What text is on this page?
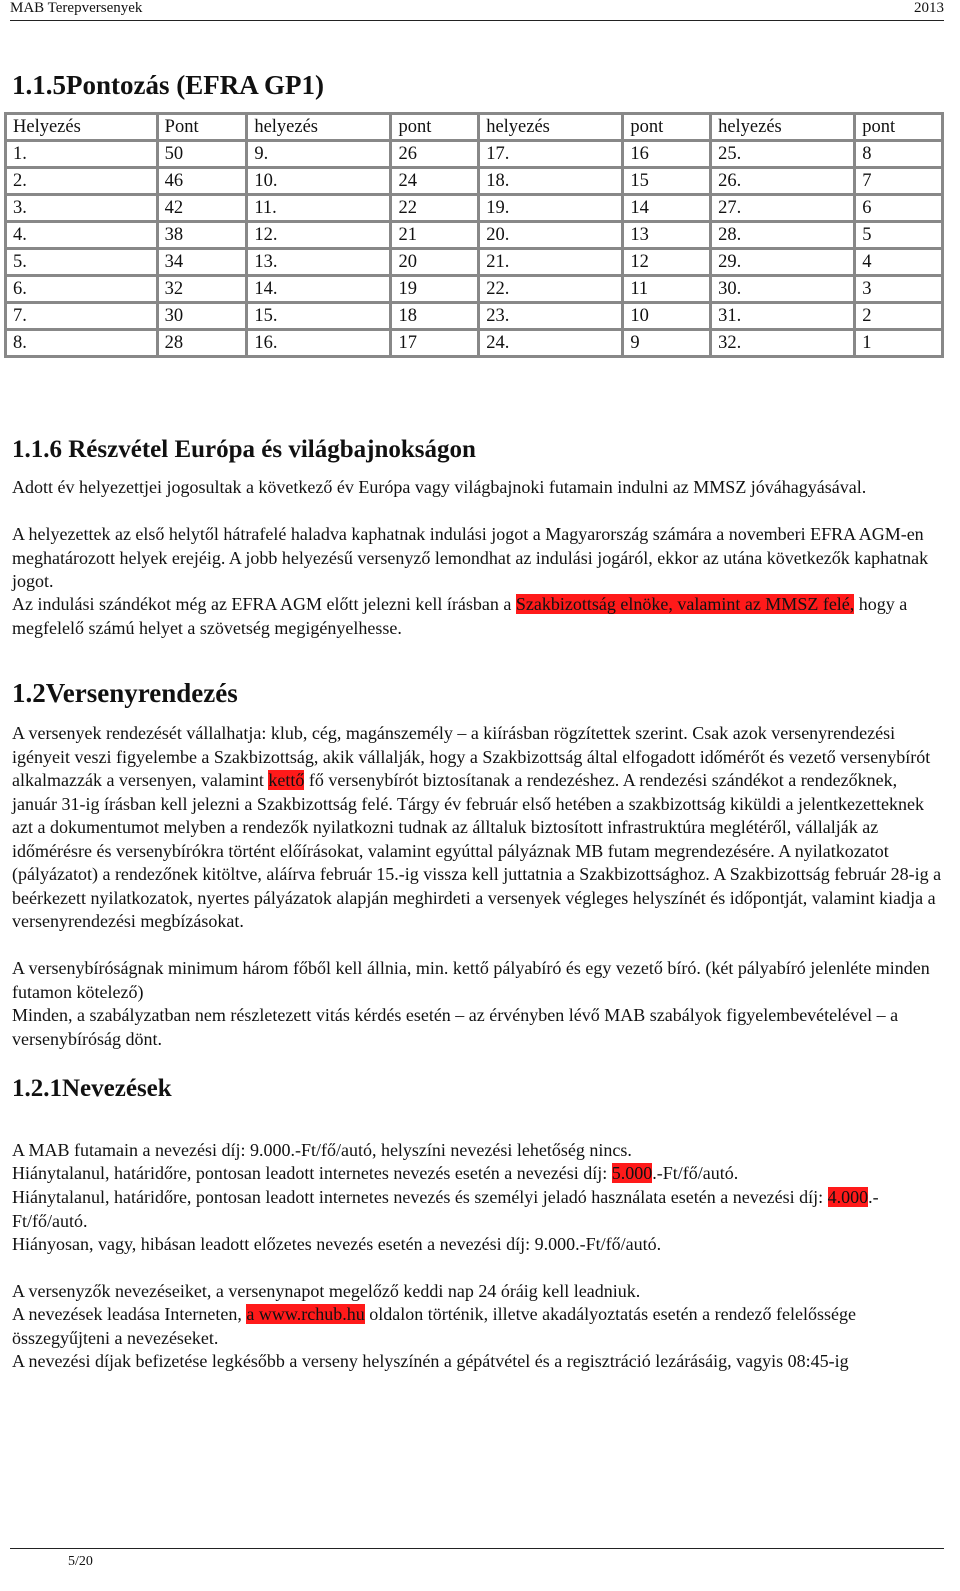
MAB Terepversenyek	2013
1.1.5Pontozás (EFRA GP1)
Helyezés	Pont	helyezés	pont	helyezés	pont	helyezés	pont
1.	50	9.	26	17.	16	25.	8
2.	46	10.	24	18.	15	26.	7
3.	42	11.	22	19.	14	27.	6
4.	38	12.	21	20.	13	28.	5
5.	34	13.	20	21.	12	29.	4
6.	32	14.	19	22.	11	30.	3
7.	30	15.	18	23.	10	31.	2
8.	28	16.	17	24.	9	32.	1
1.1.6 Részvétel Európa és világbajnokságon

Adott év helyezettjei jogosultak a következő év Európa vagy világbajnoki futamain indulni az MMSZ jóváhagyásával.

A helyezettek az első helytől hátrafelé haladva kaphatnak indulási jogot a Magyarország számára a novemberi EFRA AGM-en meghatározott helyek erejéig. A jobb helyezésű versenyző lemondhat az indulási jogáról, ekkor az utána következők kaphatnak jogot.

Az indulási szándékot még az EFRA AGM előtt jelezni kell írásban a Szakbizottság elnöke, valamint az MMSZ felé, hogy a megfelelő számú helyet a szövetség megigényelhesse.

1.2Versenyrendezés

A versenyek rendezését vállalhatja: klub, cég, magánszemély – a kiírásban rögzítettek szerint. Csak azok versenyrendezési igényeit veszi figyelembe a Szakbizottság, akik vállalják, hogy a Szakbizottság által elfogadott időmérőt és vezető versenybírót alkalmazzák a versenyen, valamint kettő fő versenybírót biztosítanak a rendezéshez. A rendezési szándékot a rendezőknek, január 31-ig írásban kell jelezni a Szakbizottság felé. Tárgy év február első hetében a szakbizottság kiküldi a jelentkezetteknek azt a dokumentumot melyben a rendezők nyilatkozni tudnak az álltaluk biztosított infrastruktúra meglétéről, vállalják az időmérésre és versenybírókra történt előírásokat, valamint egyúttal pályáznak MB futam megrendezésére. A nyilatkozatot (pályázatot) a rendezőnek kitöltve, aláírva február 15.-ig vissza kell juttatnia a Szakbizottsághoz. A Szakbizottság február 28-ig a beérkezett nyilatkozatok, nyertes pályázatok alapján meghirdeti a versenyek végleges helyszínét és időpontját, valamint kiadja a versenyrendezési megbízásokat.

A versenybíróságnak minimum három főből kell állnia, min. kettő pályabíró és egy vezető bíró. (két pályabíró jelenléte minden futamon kötelező)

Minden, a szabályzatban nem részletezett vitás kérdés esetén – az érvényben lévő MAB szabályok figyelembevételével – a versenybíróság dönt.

1.2.1Nevezések

A MAB futamain a nevezési díj: 9.000.-Ft/fő/autó, helyszíni nevezési lehetőség nincs.

Hiánytalanul, határidőre, pontosan leadott internetes nevezés esetén a nevezési díj: 5.000.-Ft/fő/autó.

Hiánytalanul, határidőre, pontosan leadott internetes nevezés és személyi jeladó használata esetén a nevezési díj: 4.000.-Ft/fő/autó.

Hiányosan, vagy, hibásan leadott előzetes nevezés esetén a nevezési díj: 9.000.-Ft/fő/autó.

A versenyzők nevezéseiket, a versenynapot megelőző keddi nap 24 óráig kell leadniuk.

A nevezések leadása Interneten, a www.rchub.hu oldalon történik, illetve akadályoztatás esetén a rendező felelőssége összegyűjteni a nevezéseket.

A nevezési díjak befizetése legkésőbb a verseny helyszínén a gépátvétel és a regisztráció lezárásáig, vagyis 08:45-ig

5/20
